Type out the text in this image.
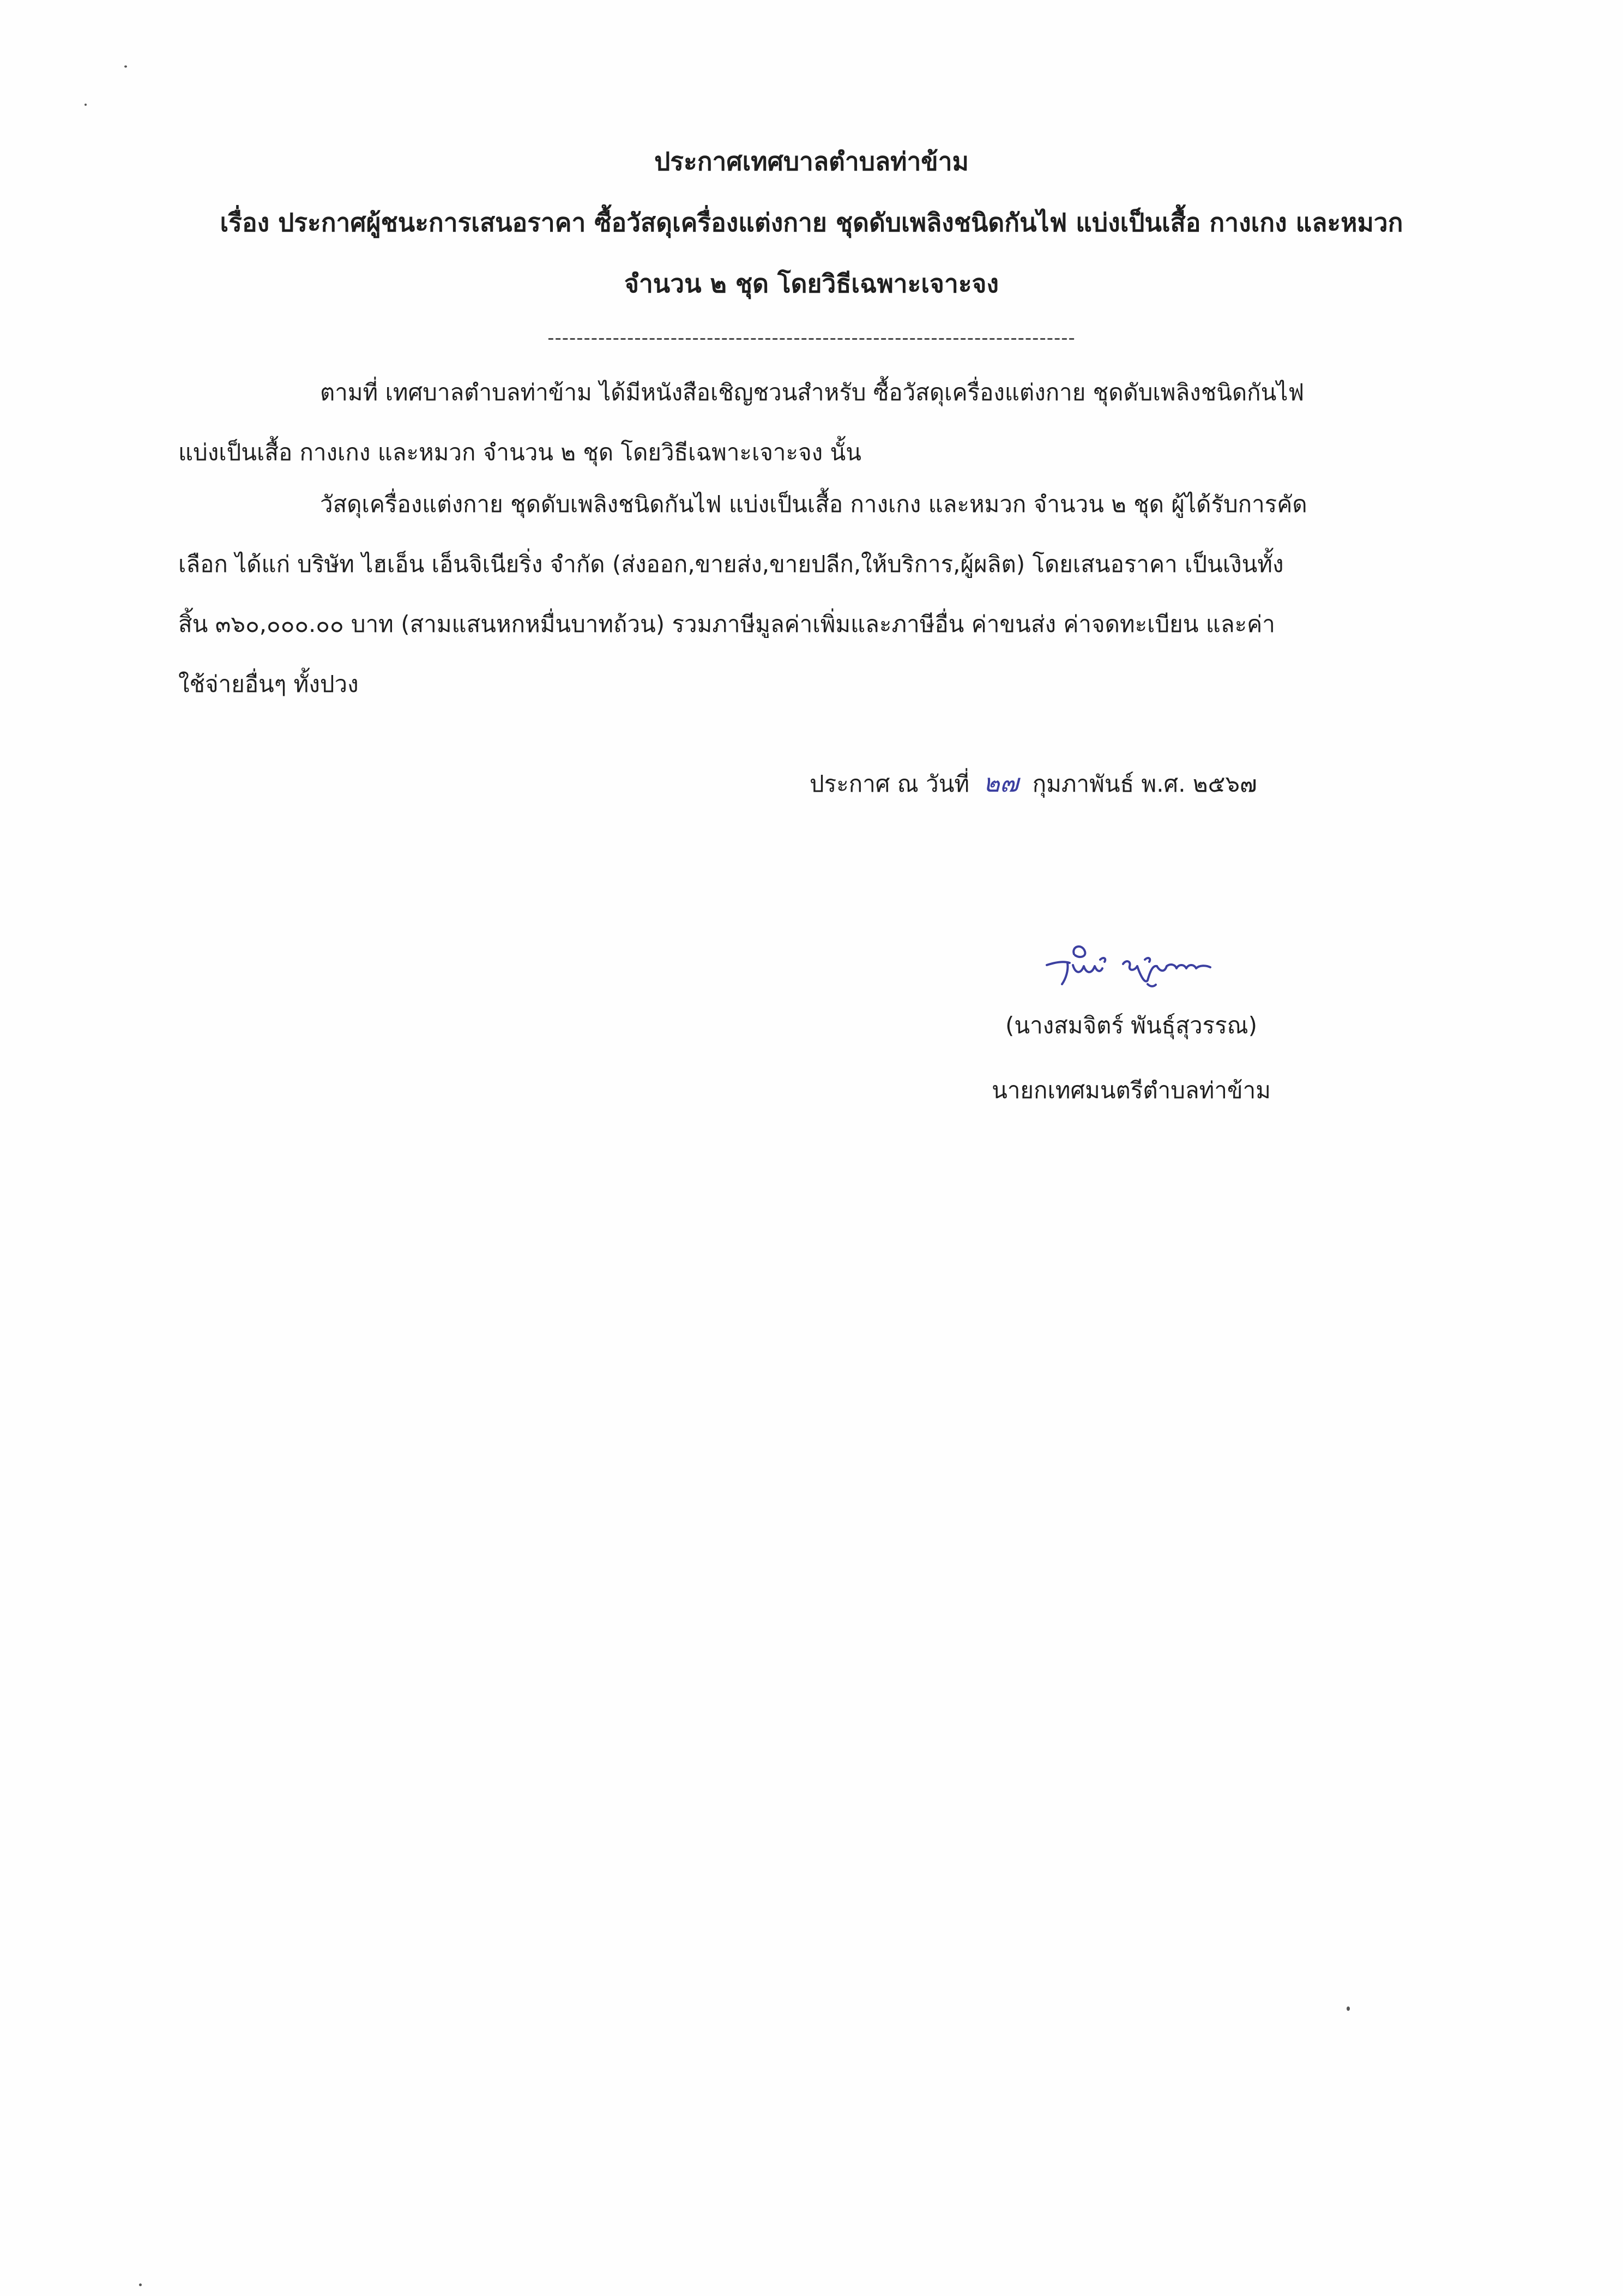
ประกาศเทศบาลตำบลท่าข้าม
เรื่อง ประกาศผู้ชนะการเสนอราคา ซื้อวัสดุเครื่องแต่งกาย ชุดดับเพลิงชนิดกันไฟ แบ่งเป็นเสื้อ กางเกง และหมวก
จำนวน ๒ ชุด โดยวิธีเฉพาะเจาะจง
-------------------------------------------------------------------------
ตามที่ เทศบาลตำบลท่าข้าม ได้มีหนังสือเชิญชวนสำหรับ ซื้อวัสดุเครื่องแต่งกาย ชุดดับเพลิงชนิดกันไฟ
แบ่งเป็นเสื้อ กางเกง และหมวก จำนวน ๒ ชุด โดยวิธีเฉพาะเจาะจง นั้น
วัสดุเครื่องแต่งกาย ชุดดับเพลิงชนิดกันไฟ แบ่งเป็นเสื้อ กางเกง และหมวก จำนวน ๒ ชุด ผู้ได้รับการคัด
เลือก ได้แก่ บริษัท ไฮเอ็น เอ็นจิเนียริ่ง จำกัด (ส่งออก,ขายส่ง,ขายปลีก,ให้บริการ,ผู้ผลิต) โดยเสนอราคา เป็นเงินทั้ง
สิ้น ๓๖๐,๐๐๐.๐๐ บาท (สามแสนหกหมื่นบาทถ้วน) รวมภาษีมูลค่าเพิ่มและภาษีอื่น ค่าขนส่ง ค่าจดทะเบียน และค่า
ใช้จ่ายอื่นๆ ทั้งปวง
ประกาศ ณ วันที่ ๒๗ กุมภาพันธ์ พ.ศ. ๒๕๖๗
(นางสมจิตร์ พันธุ์สุวรรณ)
นายกเทศมนตรีตำบลท่าข้าม
